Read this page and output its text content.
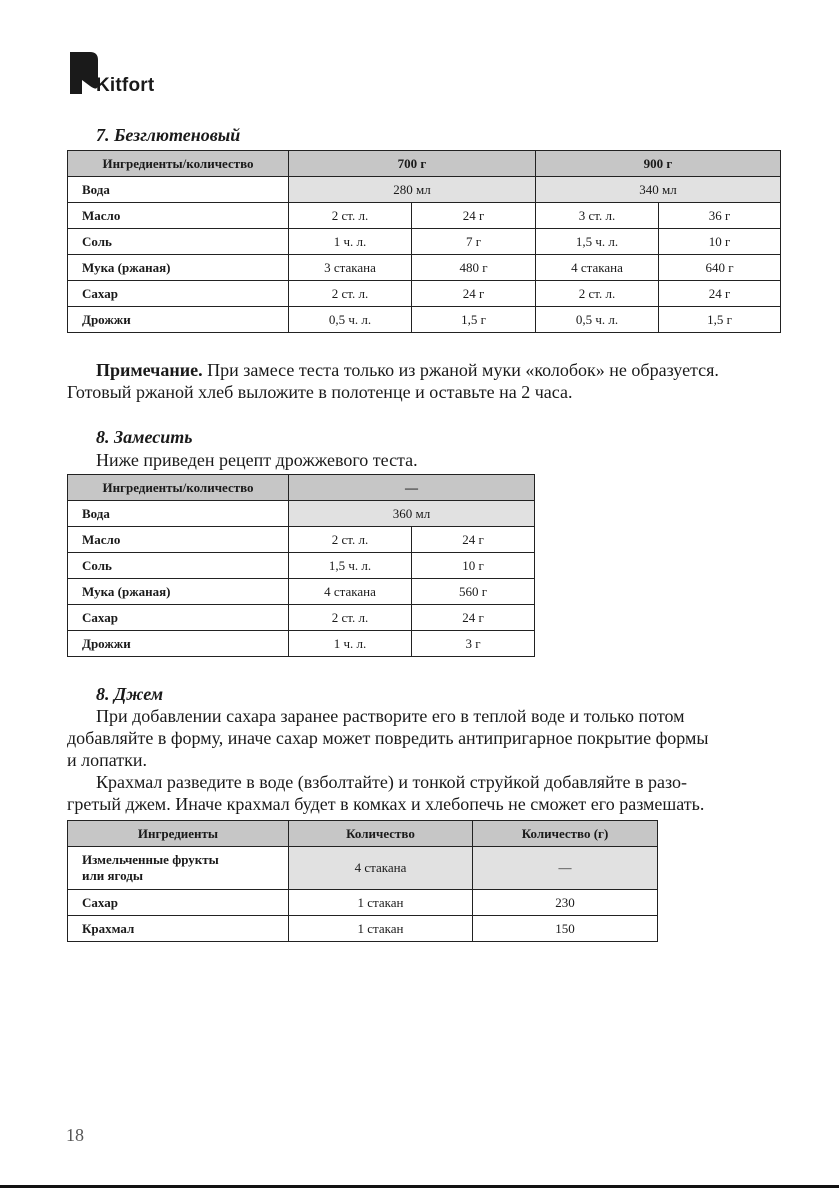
Kitfort

7. Безглютеновый

Ингредиенты/количество	700 г		900 г	
Вода	280 мл		340 мл	
Масло	2 ст. л.	24 г	3 ст. л.	36 г
Соль	1 ч. л.	7 г	1,5 ч. л.	10 г
Мука (ржаная)	3 стакана	480 г	4 стакана	640 г
Сахар	2 ст. л.	24 г	2 ст. л.	24 г
Дрожжи	0,5 ч. л.	1,5 г	0,5 ч. л.	1,5 г

Примечание. При замесе теста только из ржаной муки «колобок» не образуется.

Готовый ржаной хлеб выложите в полотенце и оставьте на 2 часа.

8. Замесить

Ниже приведен рецепт дрожжевого теста.

Ингредиенты/количество	—	
Вода	360 мл	
Масло	2 ст. л.	24 г
Соль	1,5 ч. л.	10 г
Мука (ржаная)	4 стакана	560 г
Сахар	2 ст. л.	24 г
Дрожжи	1 ч. л.	3 г

8. Джем

При добавлении сахара заранее растворите его в теплой воде и только потом

добавляйте в форму, иначе сахар может повредить антипригарное покрытие формы

и лопатки.

Крахмал разведите в воде (взболтайте) и тонкой струйкой добавляйте в разо-

гретый джем. Иначе крахмал будет в комках и хлебопечь не сможет его размешать.

Ингредиенты	Количество	Количество (г)
Измельченные фрукты
или ягоды	4 стакана	—
Сахар	1 стакан	230
Крахмал	1 стакан	150
18
